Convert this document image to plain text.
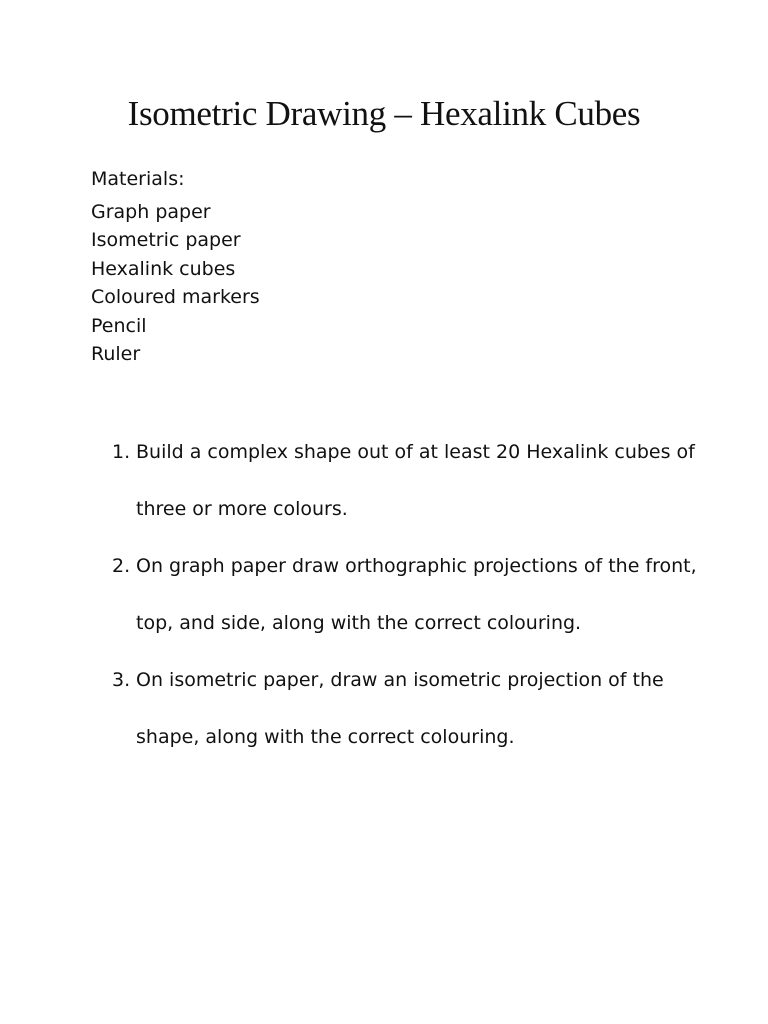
Isometric Drawing – Hexalink Cubes
Materials:
Graph paper
Isometric paper
Hexalink cubes
Coloured markers
Pencil
Ruler
1. Build a complex shape out of at least 20 Hexalink cubes of three or more colours.
2. On graph paper draw orthographic projections of the front, top, and side, along with the correct colouring.
3. On isometric paper, draw an isometric projection of the shape, along with the correct colouring.
